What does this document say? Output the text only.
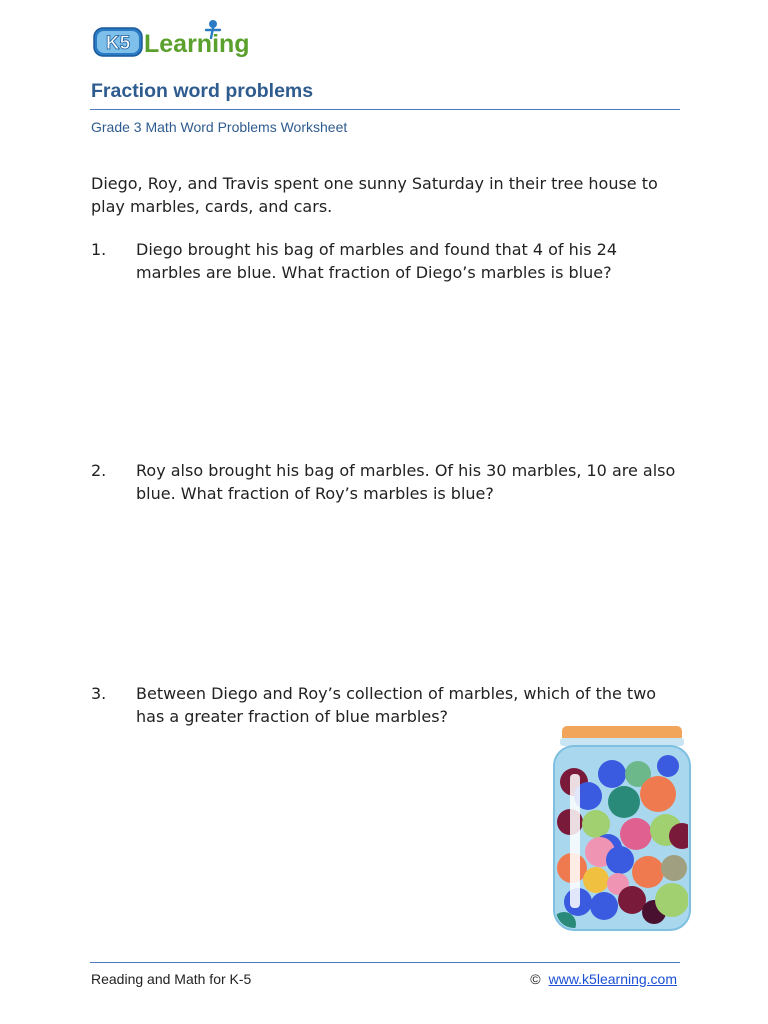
K5 Learning
Fraction word problems

Grade 3 Math Word Problems Worksheet

Diego, Roy, and Travis spent one sunny Saturday in their tree house to play marbles, cards, and cars.

1. Diego brought his bag of marbles and found that 4 of his 24 marbles are blue. What fraction of Diego’s marbles is blue?

2. Roy also brought his bag of marbles. Of his 30 marbles, 10 are also blue. What fraction of Roy’s marbles is blue?

3. Between Diego and Roy’s collection of marbles, which of the two has a greater fraction of blue marbles?

Reading and Math for K-5	© www.k5learning.com
